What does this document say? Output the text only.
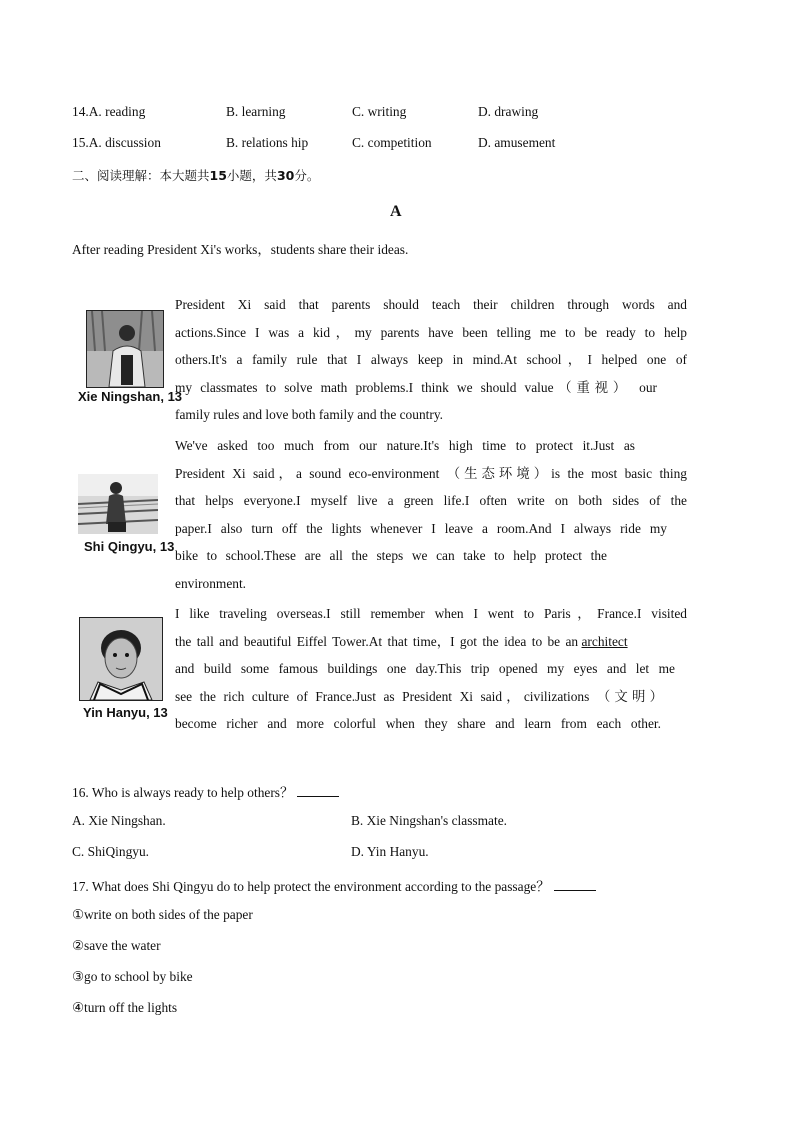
14.A. reading	B. learning	C. writing	D. drawing
15.A. discussion	B. relations hip	C. competition	D. amusement
二、阅读理解：本大题共15小题，共30分。
A
After reading President Xi's works，students share their ideas.
Xie Ningshan, 13
President Xi said that parents should teach their children through words and
actions.Since I was a kid，my parents have been telling me to be ready to help
others.It's a family rule that I always keep in mind.At school，I helped one of
my classmates to solve math problems.I think we should value（重视） our
family rules and love both family and the country.
Shi Qingyu, 13
We've asked too much from our nature.It's high time to protect it.Just as
President Xi said，a sound eco-environment （生态环境）is the most basic thing
that helps everyone.I myself live a green life.I often write on both sides of the
paper.I also turn off the lights whenever I leave a room.And I always ride my
bike to school.These are all the steps we can take to help protect the
environment.
Yin Hanyu, 13
I like traveling overseas.I still remember when I went to Paris，France.I visited
the tall and beautiful Eiffel Tower.At that time，I got the idea to be an architect
and build some famous buildings one day.This trip opened my eyes and let me
see the rich culture of France.Just as President Xi said，civilizations （文明）
become richer and more colorful when they share and learn from each other.
16. Who is always ready to help others？
A. Xie Ningshan.	B. Xie Ningshan's classmate.
C. ShiQingyu.	D. Yin Hanyu.
17. What does Shi Qingyu do to help protect the environment according to the passage？
①write on both sides of the paper
②save the water
③go to school by bike
④turn off the lights
